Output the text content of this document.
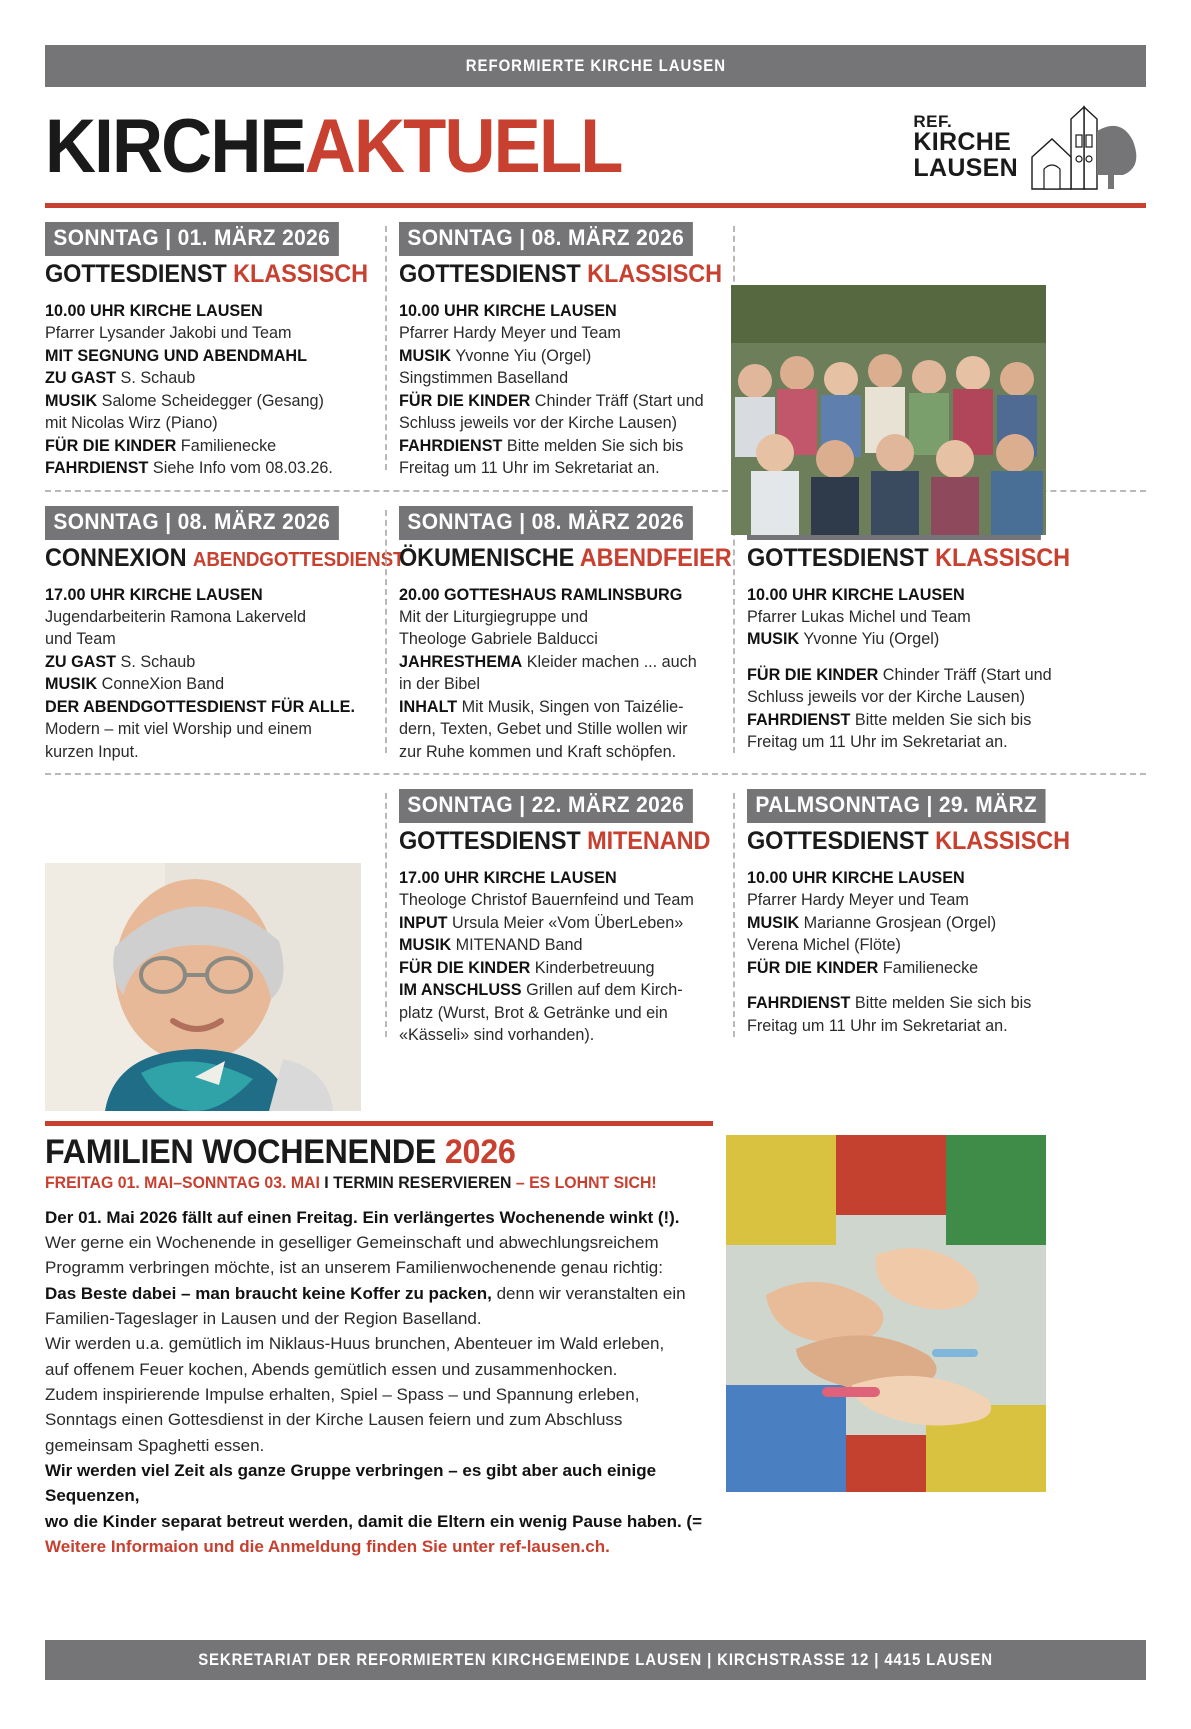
REFORMIERTE KIRCHE LAUSEN
KIRCHEAKTUELL	REF.
KIRCHE
LAUSEN
SONNTAG | 01. MÄRZ 2026
GOTTESDIENST KLASSISCH
10.00 UHR KIRCHE LAUSEN
Pfarrer Lysander Jakobi und Team
MIT SEGNUNG UND ABENDMAHL
ZU GAST S. Schaub
MUSIK Salome Scheidegger (Gesang)
mit Nicolas Wirz (Piano)
FÜR DIE KINDER Familienecke
FAHRDIENST Siehe Info vom 08.03.26.
SONNTAG | 08. MÄRZ 2026
GOTTESDIENST KLASSISCH
10.00 UHR KIRCHE LAUSEN
Pfarrer Hardy Meyer und Team
MUSIK Yvonne Yiu (Orgel)
Singstimmen Baselland
FÜR DIE KINDER Chinder Träff (Start und
Schluss jeweils vor der Kirche Lausen)
FAHRDIENST Bitte melden Sie sich bis
Freitag um 11 Uhr im Sekretariat an.
SONNTAG | 08. MÄRZ 2026
CONNEXION ABENDGOTTESDIENST
17.00 UHR KIRCHE LAUSEN
Jugendarbeiterin Ramona Lakerveld
und Team
ZU GAST S. Schaub
MUSIK ConneXion Band
DER ABENDGOTTESDIENST FÜR ALLE.
Modern – mit viel Worship und einem
kurzen Input.
SONNTAG | 08. MÄRZ 2026
ÖKUMENISCHE ABENDFEIER
20.00 GOTTESHAUS RAMLINSBURG
Mit der Liturgiegruppe und
Theologe Gabriele Balducci
JAHRESTHEMA Kleider machen ... auch
in der Bibel
INHALT Mit Musik, Singen von Taizélie-
dern, Texten, Gebet und Stille wollen wir
zur Ruhe kommen und Kraft schöpfen.
GOTTESDIENST KLASSISCH
10.00 UHR KIRCHE LAUSEN
Pfarrer Lukas Michel und Team
MUSIK Yvonne Yiu (Orgel)
FÜR DIE KINDER Chinder Träff (Start und
Schluss jeweils vor der Kirche Lausen)
FAHRDIENST Bitte melden Sie sich bis
Freitag um 11 Uhr im Sekretariat an.
SONNTAG | 22. MÄRZ 2026
GOTTESDIENST MITENAND
17.00 UHR KIRCHE LAUSEN
Theologe Christof Bauernfeind und Team
INPUT Ursula Meier «Vom ÜberLeben»
MUSIK MITENAND Band
FÜR DIE KINDER Kinderbetreuung
IM ANSCHLUSS Grillen auf dem Kirch-
platz (Wurst, Brot & Getränke und ein
«Kässeli» sind vorhanden).
PALMSONNTAG | 29. MÄRZ
GOTTESDIENST KLASSISCH
10.00 UHR KIRCHE LAUSEN
Pfarrer Hardy Meyer und Team
MUSIK Marianne Grosjean (Orgel)
Verena Michel (Flöte)
FÜR DIE KINDER Familienecke
FAHRDIENST Bitte melden Sie sich bis
Freitag um 11 Uhr im Sekretariat an.
FAMILIEN WOCHENENDE 2026
FREITAG 01. MAI–SONNTAG 03. MAI I TERMIN RESERVIEREN – ES LOHNT SICH!
Der 01. Mai 2026 fällt auf einen Freitag. Ein verlängertes Wochenende winkt (!).
Wer gerne ein Wochenende in geselliger Gemeinschaft und abwechlungsreichem
Programm verbringen möchte, ist an unserem Familienwochenende genau richtig:
Das Beste dabei – man braucht keine Koffer zu packen, denn wir veranstalten ein
Familien-Tageslager in Lausen und der Region Baselland.
Wir werden u.a. gemütlich im Niklaus-Huus brunchen, Abenteuer im Wald erleben,
auf offenem Feuer kochen, Abends gemütlich essen und zusammenhocken.
Zudem inspirierende Impulse erhalten, Spiel – Spass – und Spannung erleben,
Sonntags einen Gottesdienst in der Kirche Lausen feiern und zum Abschluss
gemeinsam Spaghetti essen.
Wir werden viel Zeit als ganze Gruppe verbringen – es gibt aber auch einige Sequenzen,
wo die Kinder separat betreut werden, damit die Eltern ein wenig Pause haben. (=
Weitere Informaion und die Anmeldung finden Sie unter ref-lausen.ch.
SEKRETARIAT DER REFORMIERTEN KIRCHGEMEINDE LAUSEN | KIRCHSTRASSE 12 | 4415 LAUSEN
